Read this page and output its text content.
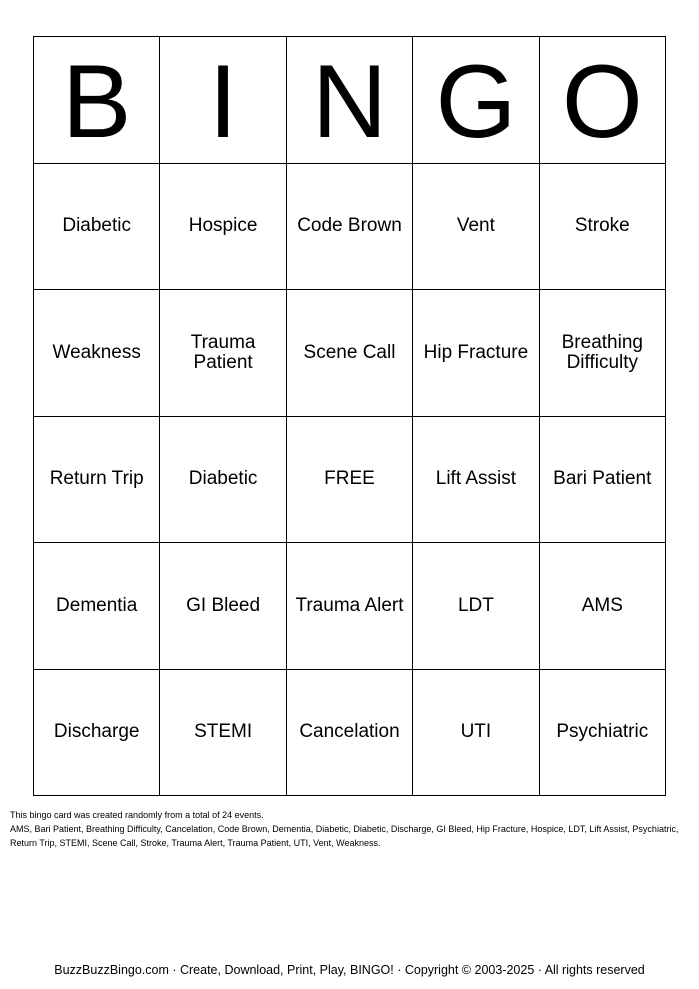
B I N G O
Diabetic	Hospice	Code Brown	Vent	Stroke
Weakness	Trauma Patient	Scene Call	Hip Fracture	Breathing Difficulty
Return Trip	Diabetic	FREE	Lift Assist	Bari Patient
Dementia	GI Bleed	Trauma Alert	LDT	AMS
Discharge	STEMI	Cancelation	UTI	Psychiatric
This bingo card was created randomly from a total of 24 events.
AMS, Bari Patient, Breathing Difficulty, Cancelation, Code Brown, Dementia, Diabetic, Diabetic, Discharge, GI Bleed, Hip Fracture, Hospice, LDT, Lift Assist, Psychiatric, Return Trip, STEMI, Scene Call, Stroke, Trauma Alert, Trauma Patient, UTI, Vent, Weakness.
BuzzBuzzBingo.com · Create, Download, Print, Play, BINGO! · Copyright © 2003-2025 · All rights reserved
